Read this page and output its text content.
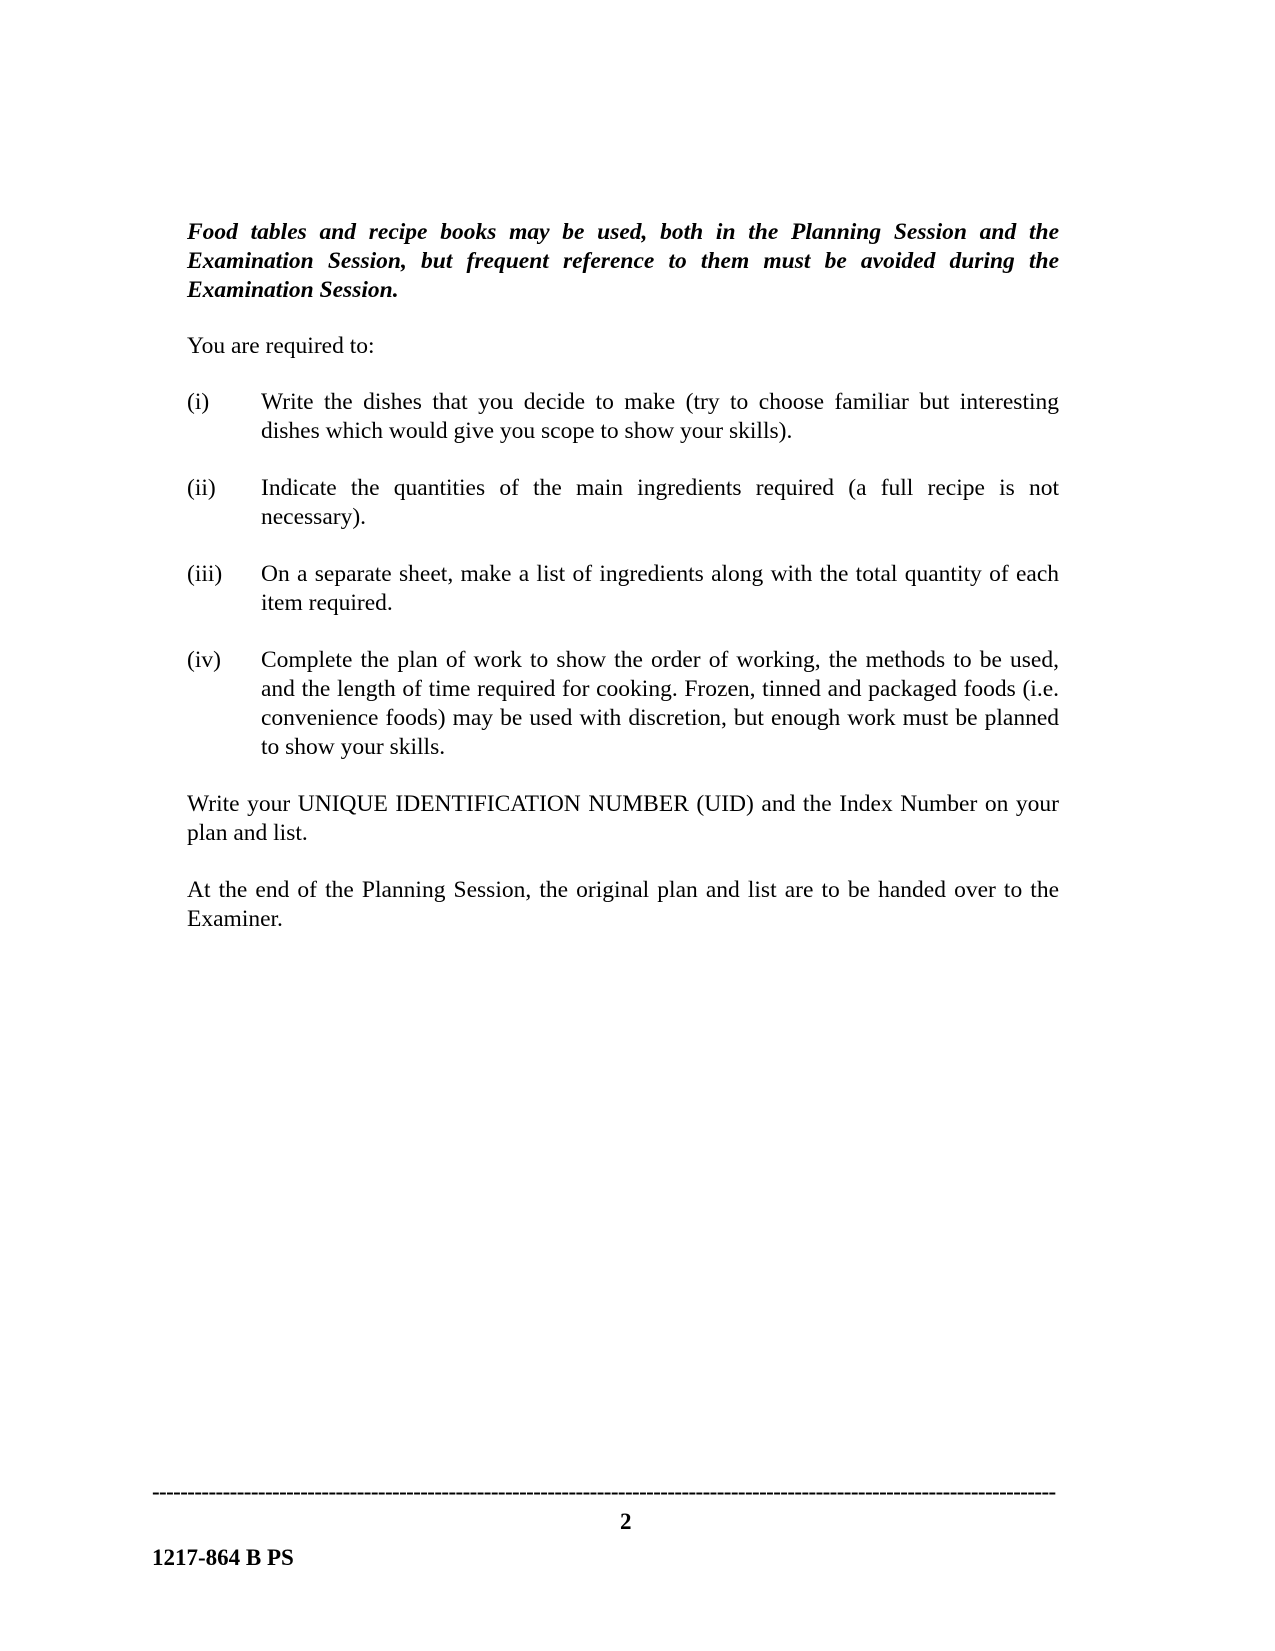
Food tables and recipe books may be used, both in the Planning Session and the Examination Session, but frequent reference to them must be avoided during the Examination Session.

You are required to:

(i)	Write the dishes that you decide to make (try to choose familiar but interesting dishes which would give you scope to show your skills).
(ii)	Indicate the quantities of the main ingredients required (a full recipe is not necessary).
(iii)	On a separate sheet, make a list of ingredients along with the total quantity of each item required.
(iv)	Complete the plan of work to show the order of working, the methods to be used, and the length of time required for cooking. Frozen, tinned and packaged foods (i.e. convenience foods) may be used with discretion, but enough work must be planned to show your skills.

Write your UNIQUE IDENTIFICATION NUMBER (UID) and the Index Number on your plan and list.

At the end of the Planning Session, the original plan and list are to be handed over to the Examiner.

--------------------------------------------------------------------------------------------------------------------------------
2
1217-864 B PS
